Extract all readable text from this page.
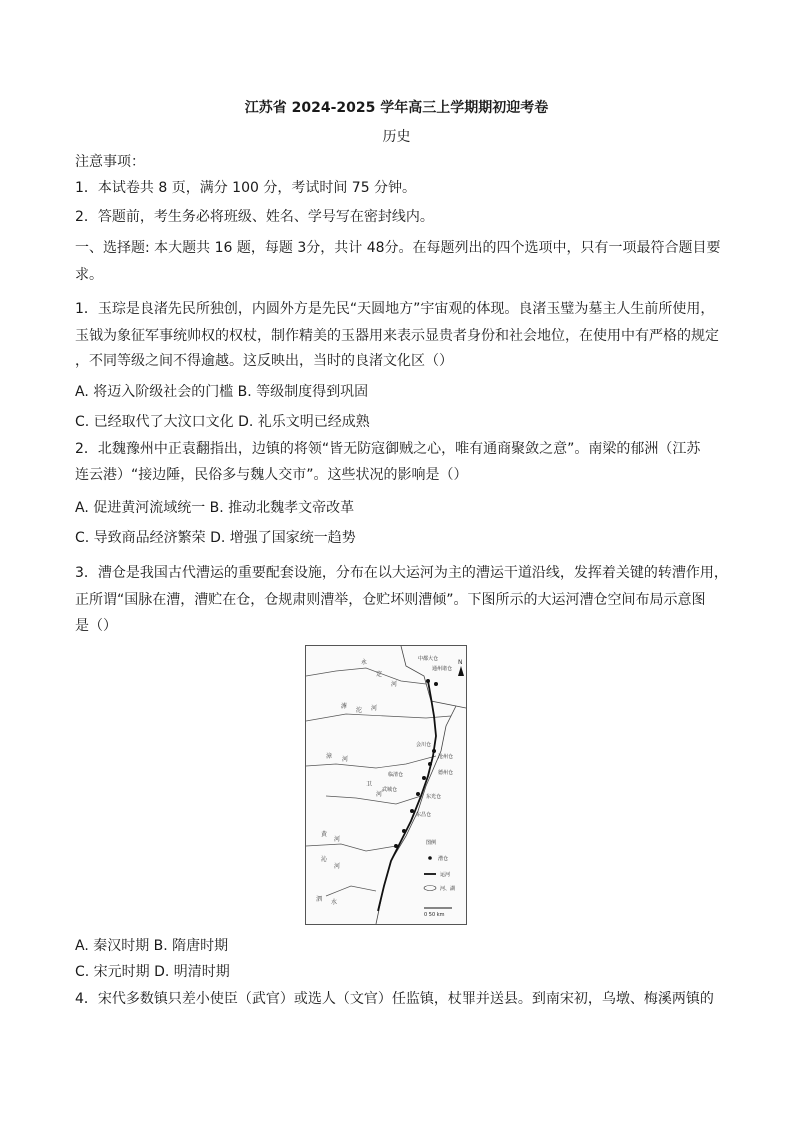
江苏省 2024-2025 学年高三上学期期初迎考卷
历史
注意事项：
1．本试卷共 8 页，满分 100 分，考试时间 75 分钟。
2．答题前，考生务必将班级、姓名、学号写在密封线内。
一、选择题: 本大题共 16 题，每题 3分，共计 48分。在每题列出的四个选项中，只有一项最符合题目要
求。
1．玉琮是良渚先民所独创，内圆外方是先民“天圆地方”宇宙观的体现。良渚玉璧为墓主人生前所使用，
玉钺为象征军事统帅权的权杖，制作精美的玉器用来表示显贵者身份和社会地位，在使用中有严格的规定
，不同等级之间不得逾越。这反映出，当时的良渚文化区（）
A. 将迈入阶级社会的门槛 B. 等级制度得到巩固
C. 已经取代了大汶口文化 D. 礼乐文明已经成熟
2．北魏豫州中正袁翻指出，边镇的将领“皆无防寇御贼之心，唯有通商聚敛之意”。南梁的郁洲（江苏
连云港）“接边陲，民俗多与魏人交市”。这些状况的影响是（）
A. 促进黄河流域统一 B. 推动北魏孝文帝改革
C. 导致商品经济繁荣 D. 增强了国家统一趋势
3．漕仓是我国古代漕运的重要配套设施，分布在以大运河为主的漕运干道沿线，发挥着关键的转漕作用，
正所谓“国脉在漕，漕贮在仓，仓规肃则漕举，仓贮坏则漕倾”。下图所示的大运河漕仓空间布局示意图
是（）
中都大仓
通州诸仓
会川仓
沧州仓
德州仓
临清仓
武城仓
东光仓
东昌仓
永
定
河
滹
沱 河
漳 河
卫
河
黄
河
沁
河
泗 水
N
图例
漕仓
运河
河、湖
0 50 km
A. 秦汉时期 B. 隋唐时期
C. 宋元时期 D. 明清时期
4．宋代多数镇只差小使臣（武官）或选人（文官）任监镇，杖罪并送县。到南宋初，乌墩、梅溪两镇的
